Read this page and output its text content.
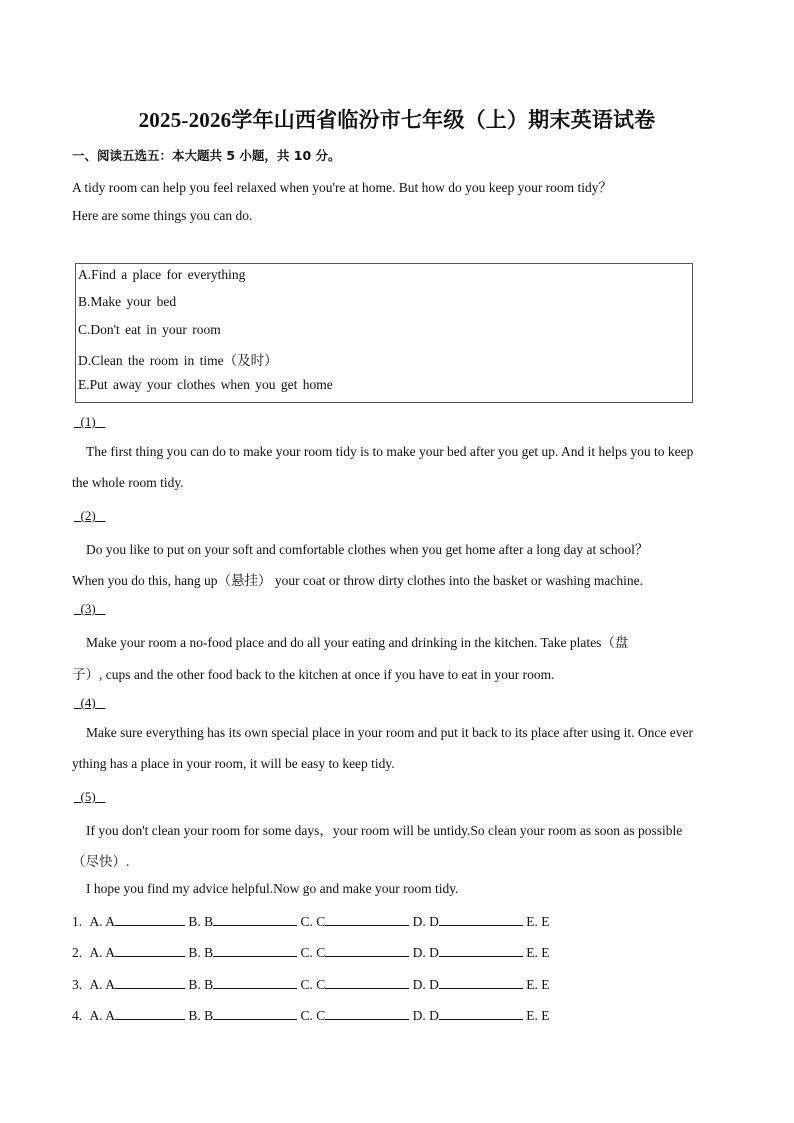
2025-2026学年山西省临汾市七年级（上）期末英语试卷
一、阅读五选五：本大题共 5 小题，共 10 分。
A tidy room can help you feel relaxed when you're at home. But how do you keep your room tidy？
Here are some things you can do.
A.Find a place for everything
B.Make your bed
C.Don't eat in your room
D.Clean the room in time（及时）
E.Put away your clothes when you get home
(1)
The first thing you can do to make your room tidy is to make your bed after you get up. And it helps you to keep
the whole room tidy.
(2)
Do you like to put on your soft and comfortable clothes when you get home after a long day at school？
When you do this, hang up（悬挂） your coat or throw dirty clothes into the basket or washing machine.
(3)
Make your room a no-food place and do all your eating and drinking in the kitchen. Take plates（盘
子）, cups and the other food back to the kitchen at once if you have to eat in your room.
(4)
Make sure everything has its own special place in your room and put it back to its place after using it. Once ever
ything has a place in your room, it will be easy to keep tidy.
(5)
If you don't clean your room for some days，your room will be untidy.So clean your room as soon as possible
（尽快）.
I hope you find my advice helpful.Now go and make your room tidy.
1. A. A	B. B	C. C	D. D	E. E
2. A. A	B. B	C. C	D. D	E. E
3. A. A	B. B	C. C	D. D	E. E
4. A. A	B. B	C. C	D. D	E. E
